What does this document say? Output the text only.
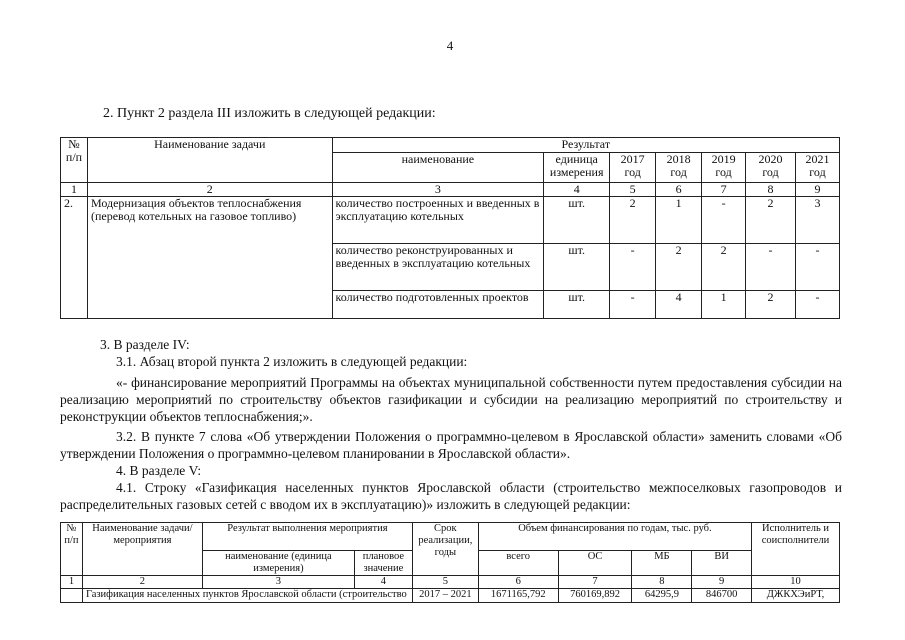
4
2. Пункт 2 раздела III изложить в следующей редакции:
№ п/п	Наименование задачи	Результат						
		наименование	единица измерения	2017 год	2018 год	2019 год	2020 год	2021 год
1	2	3	4	5	6	7	8	9
2.	Модернизация объектов теплоснабжения (перевод котельных на газовое топливо)	количество построенных и введенных в эксплуатацию котельных	шт.	2	1	-	2	3
		количество реконструированных и введенных в эксплуатацию котельных	шт.	-	2	2	-	-
		количество подготовленных проектов	шт.	-	4	1	2	-
3. В разделе IV:
3.1. Абзац второй пункта 2 изложить в следующей редакции:
«- финансирование мероприятий Программы на объектах муниципальной собственности путем предоставления субсидии на реализацию мероприятий по строительству объектов газификации и субсидии на реализацию мероприятий по строительству и реконструкции объектов теплоснабжения;».
3.2. В пункте 7 слова «Об утверждении Положения о программно-целевом в Ярославской области» заменить словами «Об утверждении Положения о программно-целевом планировании в Ярославской области».
4. В разделе V:
4.1. Строку «Газификация населенных пунктов Ярославской области (строительство межпоселковых газопроводов и распределительных газовых сетей с вводом их в эксплуатацию)» изложить в следующей редакции:
№ п/п	Наименование задачи/мероприятия	Результат выполнения мероприятия		Срок реализации, годы	Объем финансирования по годам, тыс. руб.				Исполнитель и соисполнители
		наименование (единица измерения)	плановое значение		всего	ОС	МБ	ВИ	
1	2	3	4	5	6	7	8	9	10
	Газификация населенных пунктов Ярославской области (строительство			2017 – 2021	1671165,792	760169,892	64295,9	846700	ДЖКХЭиРТ,
